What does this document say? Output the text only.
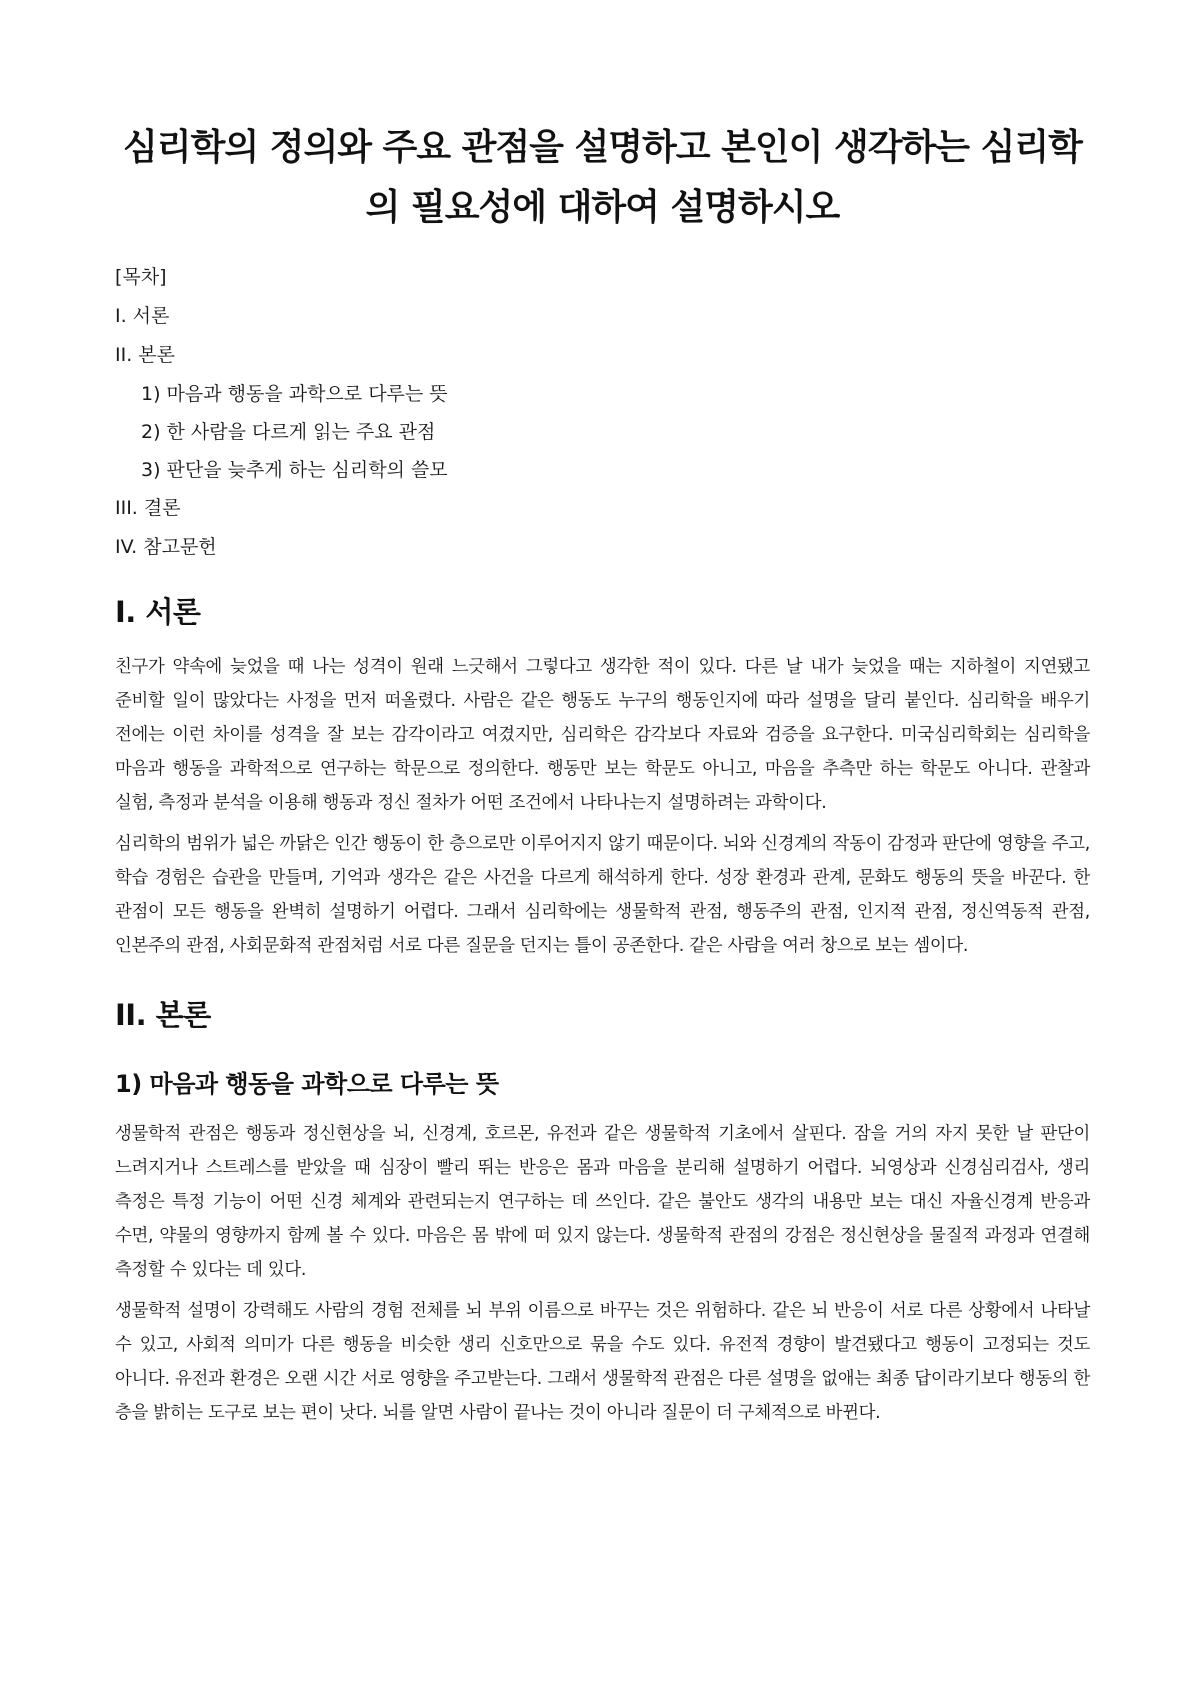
심리학의 정의와 주요 관점을 설명하고 본인이 생각하는 심리학의 필요성에 대하여 설명하시오
[목차]
I. 서론
II. 본론
1) 마음과 행동을 과학으로 다루는 뜻
2) 한 사람을 다르게 읽는 주요 관점
3) 판단을 늦추게 하는 심리학의 쓸모
III. 결론
IV. 참고문헌
I. 서론

친구가 약속에 늦었을 때 나는 성격이 원래 느긋해서 그렇다고 생각한 적이 있다. 다른 날 내가 늦었을 때는 지하철이 지연됐고 준비할 일이 많았다는 사정을 먼저 떠올렸다. 사람은 같은 행동도 누구의 행동인지에 따라 설명을 달리 붙인다. 심리학을 배우기 전에는 이런 차이를 성격을 잘 보는 감각이라고 여겼지만, 심리학은 감각보다 자료와 검증을 요구한다. 미국심리학회는 심리학을 마음과 행동을 과학적으로 연구하는 학문으로 정의한다. 행동만 보는 학문도 아니고, 마음을 추측만 하는 학문도 아니다. 관찰과 실험, 측정과 분석을 이용해 행동과 정신 절차가 어떤 조건에서 나타나는지 설명하려는 과학이다.

심리학의 범위가 넓은 까닭은 인간 행동이 한 층으로만 이루어지지 않기 때문이다. 뇌와 신경계의 작동이 감정과 판단에 영향을 주고, 학습 경험은 습관을 만들며, 기억과 생각은 같은 사건을 다르게 해석하게 한다. 성장 환경과 관계, 문화도 행동의 뜻을 바꾼다. 한 관점이 모든 행동을 완벽히 설명하기 어렵다. 그래서 심리학에는 생물학적 관점, 행동주의 관점, 인지적 관점, 정신역동적 관점, 인본주의 관점, 사회문화적 관점처럼 서로 다른 질문을 던지는 틀이 공존한다. 같은 사람을 여러 창으로 보는 셈이다.

II. 본론
1) 마음과 행동을 과학으로 다루는 뜻

생물학적 관점은 행동과 정신현상을 뇌, 신경계, 호르몬, 유전과 같은 생물학적 기초에서 살핀다. 잠을 거의 자지 못한 날 판단이 느려지거나 스트레스를 받았을 때 심장이 빨리 뛰는 반응은 몸과 마음을 분리해 설명하기 어렵다. 뇌영상과 신경심리검사, 생리 측정은 특정 기능이 어떤 신경 체계와 관련되는지 연구하는 데 쓰인다. 같은 불안도 생각의 내용만 보는 대신 자율신경계 반응과 수면, 약물의 영향까지 함께 볼 수 있다. 마음은 몸 밖에 떠 있지 않는다. 생물학적 관점의 강점은 정신현상을 물질적 과정과 연결해 측정할 수 있다는 데 있다.

생물학적 설명이 강력해도 사람의 경험 전체를 뇌 부위 이름으로 바꾸는 것은 위험하다. 같은 뇌 반응이 서로 다른 상황에서 나타날 수 있고, 사회적 의미가 다른 행동을 비슷한 생리 신호만으로 묶을 수도 있다. 유전적 경향이 발견됐다고 행동이 고정되는 것도 아니다. 유전과 환경은 오랜 시간 서로 영향을 주고받는다. 그래서 생물학적 관점은 다른 설명을 없애는 최종 답이라기보다 행동의 한 층을 밝히는 도구로 보는 편이 낫다. 뇌를 알면 사람이 끝나는 것이 아니라 질문이 더 구체적으로 바뀐다.
